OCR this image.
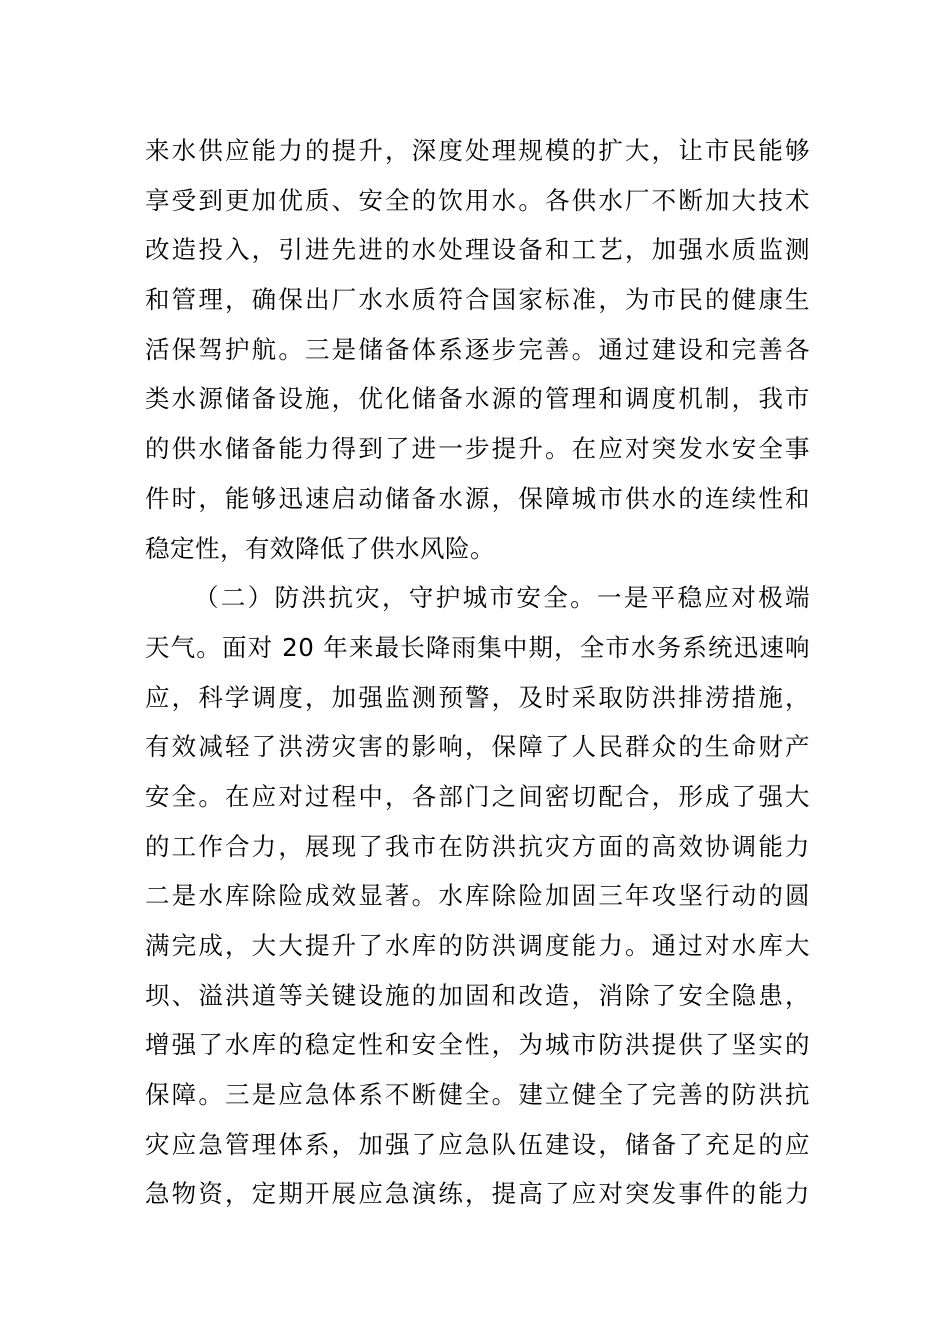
来水供应能力的提升，深度处理规模的扩大，让市民能够
享受到更加优质、安全的饮用水。各供水厂不断加大技术
改造投入，引进先进的水处理设备和工艺，加强水质监测
和管理，确保出厂水水质符合国家标准，为市民的健康生
活保驾护航。三是储备体系逐步完善。通过建设和完善各
类水源储备设施，优化储备水源的管理和调度机制，我市
的供水储备能力得到了进一步提升。在应对突发水安全事
件时，能够迅速启动储备水源，保障城市供水的连续性和
稳定性，有效降低了供水风险。
（二）防洪抗灾，守护城市安全。一是平稳应对极端
天气。面对 20 年来最长降雨集中期，全市水务系统迅速响
应，科学调度，加强监测预警，及时采取防洪排涝措施，
有效减轻了洪涝灾害的影响，保障了人民群众的生命财产
安全。在应对过程中，各部门之间密切配合，形成了强大
的工作合力，展现了我市在防洪抗灾方面的高效协调能力
二是水库除险成效显著。水库除险加固三年攻坚行动的圆
满完成，大大提升了水库的防洪调度能力。通过对水库大
坝、溢洪道等关键设施的加固和改造，消除了安全隐患，
增强了水库的稳定性和安全性，为城市防洪提供了坚实的
保障。三是应急体系不断健全。建立健全了完善的防洪抗
灾应急管理体系，加强了应急队伍建设，储备了充足的应
急物资，定期开展应急演练，提高了应对突发事件的能力
